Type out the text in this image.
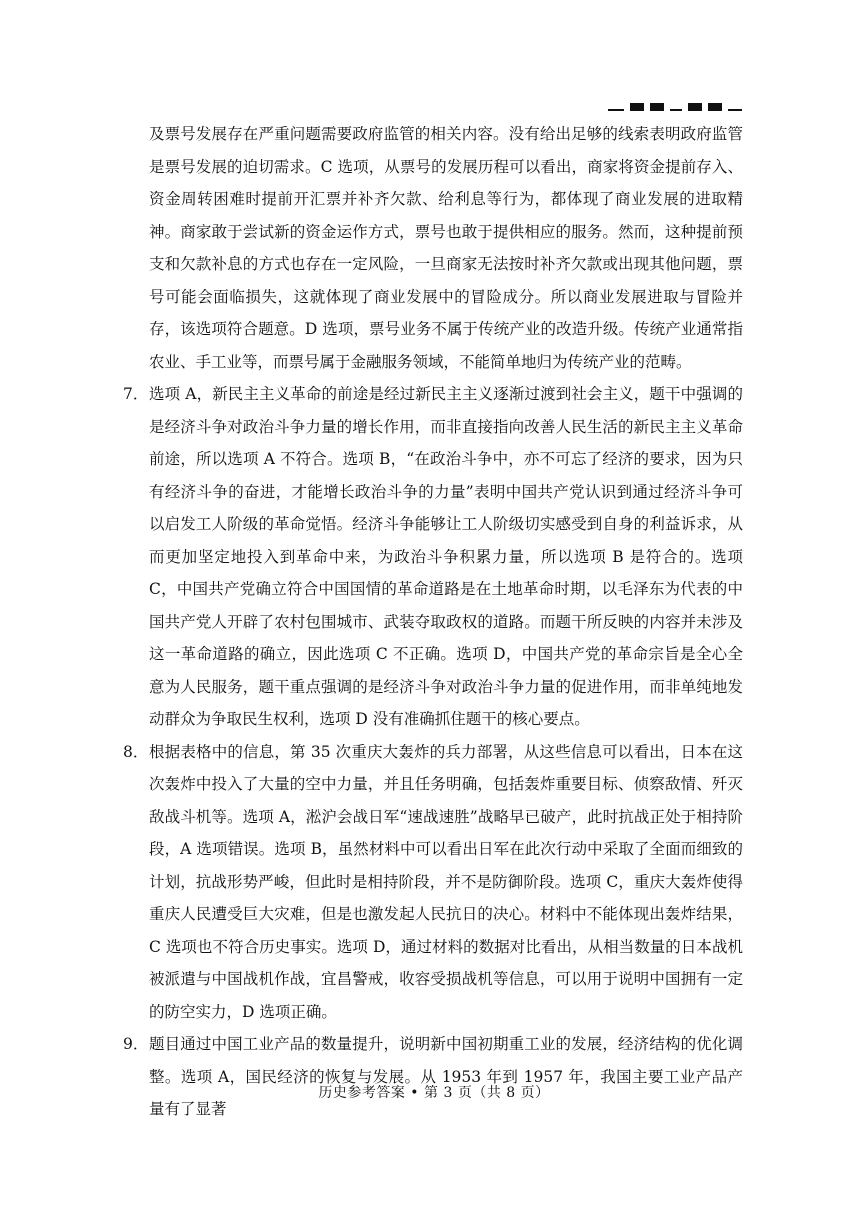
及票号发展存在严重问题需要政府监管的相关内容。没有给出足够的线索表明政府监管是票号发展的迫切需求。C 选项，从票号的发展历程可以看出，商家将资金提前存入、资金周转困难时提前开汇票并补齐欠款、给利息等行为，都体现了商业发展的进取精神。商家敢于尝试新的资金运作方式，票号也敢于提供相应的服务。然而，这种提前预支和欠款补息的方式也存在一定风险，一旦商家无法按时补齐欠款或出现其他问题，票号可能会面临损失，这就体现了商业发展中的冒险成分。所以商业发展进取与冒险并存，该选项符合题意。D 选项，票号业务不属于传统产业的改造升级。传统产业通常指农业、手工业等，而票号属于金融服务领域，不能简单地归为传统产业的范畴。

7． 选项 A，新民主主义革命的前途是经过新民主主义逐渐过渡到社会主义，题干中强调的是经济斗争对政治斗争力量的增长作用，而非直接指向改善人民生活的新民主主义革命前途，所以选项 A 不符合。选项 B，“在政治斗争中，亦不可忘了经济的要求，因为只有经济斗争的奋进，才能增长政治斗争的力量”表明中国共产党认识到通过经济斗争可以启发工人阶级的革命觉悟。经济斗争能够让工人阶级切实感受到自身的利益诉求，从而更加坚定地投入到革命中来，为政治斗争积累力量，所以选项 B 是符合的。选项 C，中国共产党确立符合中国国情的革命道路是在土地革命时期，以毛泽东为代表的中国共产党人开辟了农村包围城市、武装夺取政权的道路。而题干所反映的内容并未涉及这一革命道路的确立，因此选项 C 不正确。选项 D，中国共产党的革命宗旨是全心全意为人民服务，题干重点强调的是经济斗争对政治斗争力量的促进作用，而非单纯地发动群众为争取民生权利，选项 D 没有准确抓住题干的核心要点。

8． 根据表格中的信息，第 35 次重庆大轰炸的兵力部署，从这些信息可以看出，日本在这次轰炸中投入了大量的空中力量，并且任务明确，包括轰炸重要目标、侦察敌情、歼灭敌战斗机等。选项 A，淞沪会战日军“速战速胜”战略早已破产，此时抗战正处于相持阶段，A 选项错误。选项 B，虽然材料中可以看出日军在此次行动中采取了全面而细致的计划，抗战形势严峻，但此时是相持阶段，并不是防御阶段。选项 C，重庆大轰炸使得重庆人民遭受巨大灾难，但是也激发起人民抗日的决心。材料中不能体现出轰炸结果，C 选项也不符合历史事实。选项 D，通过材料的数据对比看出，从相当数量的日本战机被派遣与中国战机作战，宜昌警戒，收容受损战机等信息，可以用于说明中国拥有一定的防空实力，D 选项正确。

9． 题目通过中国工业产品的数量提升，说明新中国初期重工业的发展，经济结构的优化调整。选项 A，国民经济的恢复与发展。从 1953 年到 1957 年，我国主要工业产品产量有了显著

历史参考答案 • 第 3 页（共 8 页）
